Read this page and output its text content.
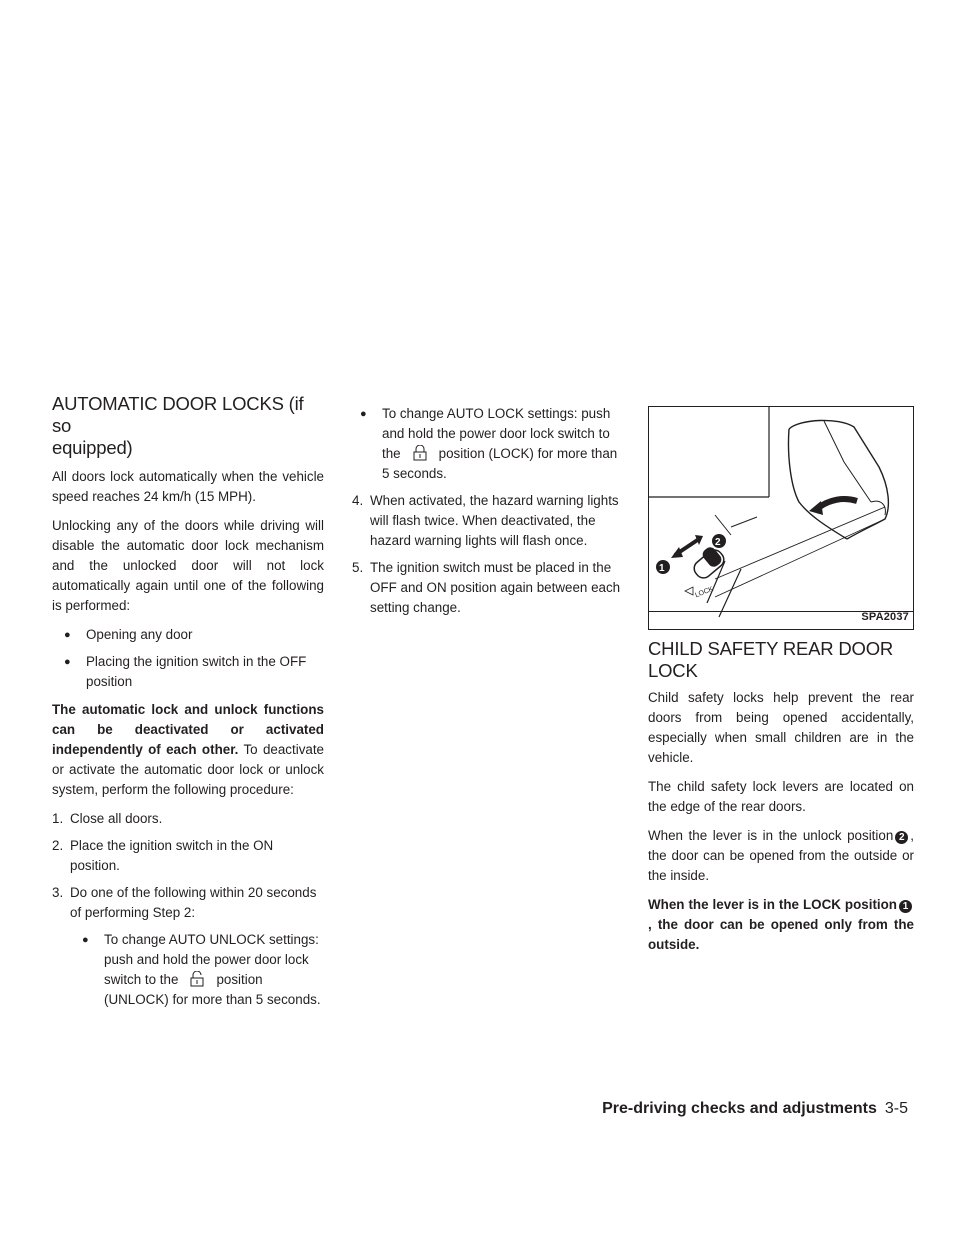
AUTOMATIC DOOR LOCKS (if so
equipped)

All doors lock automatically when the vehicle speed reaches 24 km/h (15 MPH).

Unlocking any of the doors while driving will disable the automatic door lock mechanism and the unlocked door will not lock automatically again until one of the following is performed:

● Opening any door
● Placing the ignition switch in the OFF position

The automatic lock and unlock functions can be deactivated or activated independently of each other. To deactivate or activate the automatic door lock or unlock system, perform the following procedure:

1. Close all doors.
2. Place the ignition switch in the ON position.
3. Do one of the following within 20 seconds of performing Step 2:
● To change AUTO UNLOCK settings: push and hold the power door lock switch to the	position (UNLOCK) for more than 5 seconds.
● To change AUTO LOCK settings: push and hold the power door lock switch to the	position (LOCK) for more than 5 seconds.
4. When activated, the hazard warning lights will flash twice. When deactivated, the hazard warning lights will flash once.
5. The ignition switch must be placed in the OFF and ON position again between each setting change.
1
2
LOCK
SPA2037
CHILD SAFETY REAR DOOR LOCK

Child safety locks help prevent the rear doors from being opened accidentally, especially when small children are in the vehicle.

The child safety lock levers are located on the edge of the rear doors.

When the lever is in the unlock position 2 , the door can be opened from the outside or the inside.

When the lever is in the LOCK position 1, the door can be opened only from the outside.

Pre-driving checks and adjustments 3-5
